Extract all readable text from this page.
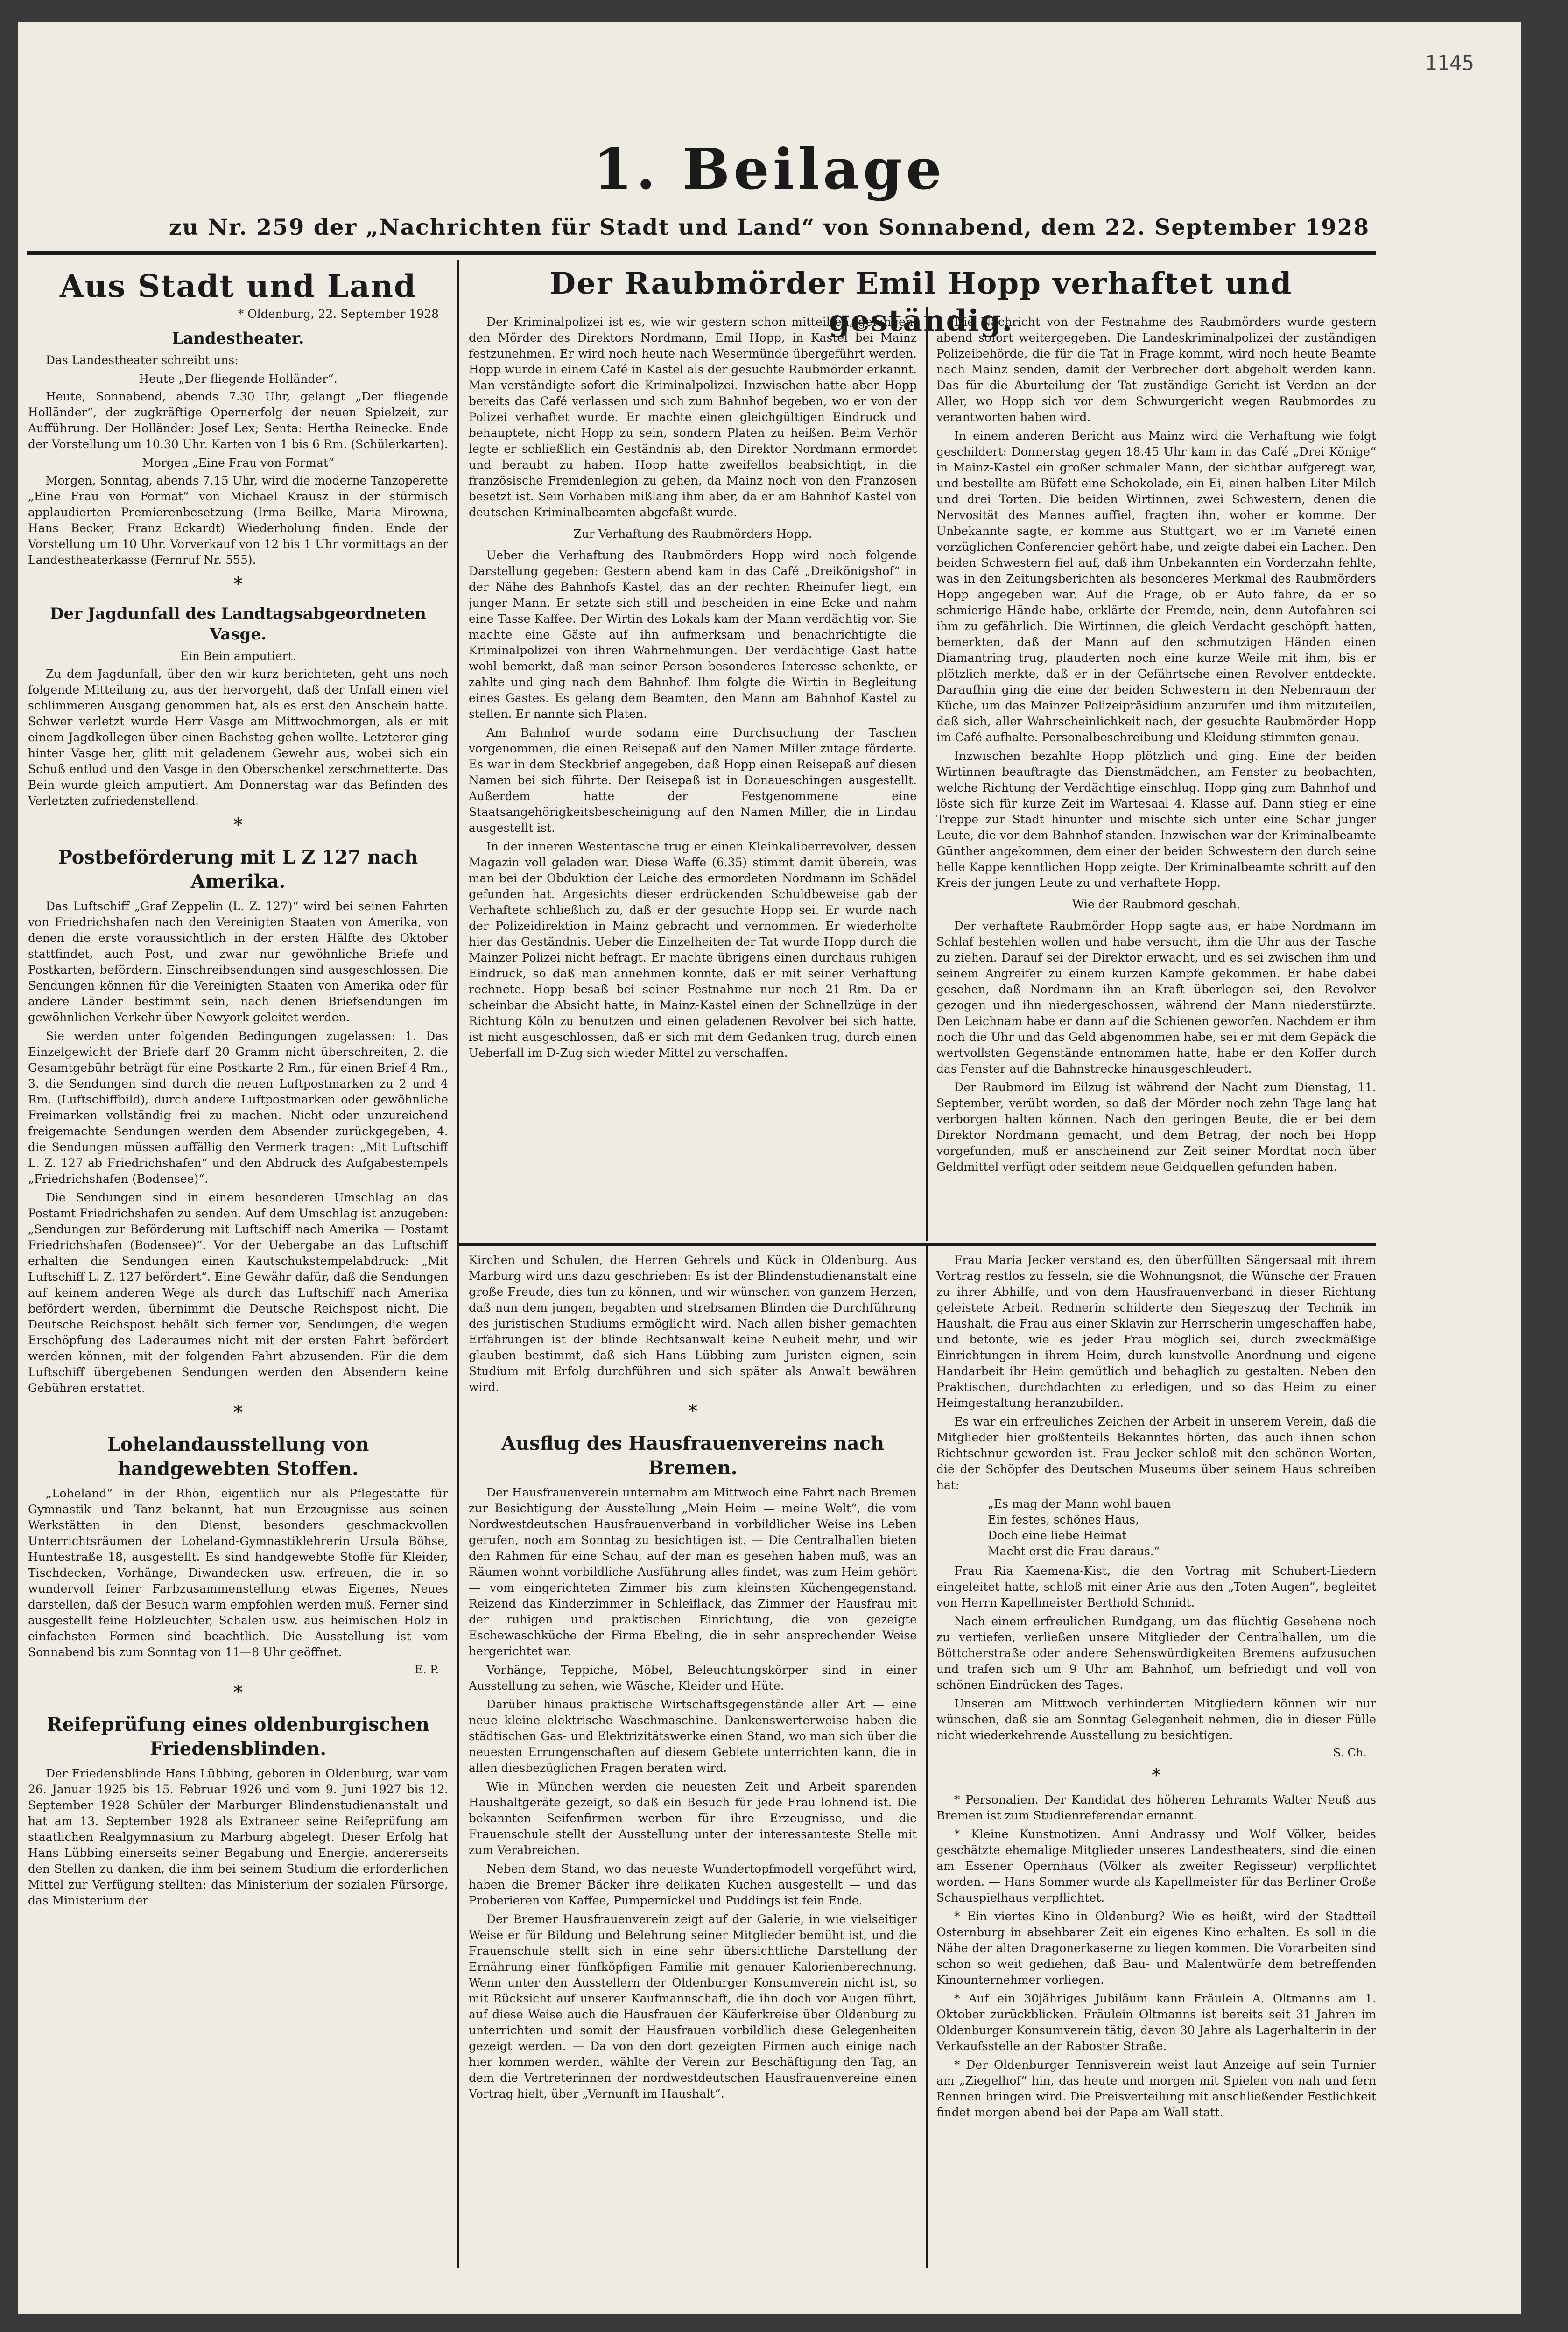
1145
1. Beilage
zu Nr. 259 der „Nachrichten für Stadt und Land“ von Sonnabend, dem 22. September 1928
Aus Stadt und Land
* Oldenburg, 22. September 1928
Landestheater.

Das Landestheater schreibt uns:

Heute „Der fliegende Holländer“.

Heute, Sonnabend, abends 7.30 Uhr, gelangt „Der fliegende Holländer“, der zugkräftige Opernerfolg der neuen Spielzeit, zur Aufführung. Der Holländer: Josef Lex; Senta: Hertha Reinecke. Ende der Vorstellung um 10.30 Uhr. Karten von 1 bis 6 Rm. (Schülerkarten).

Morgen „Eine Frau von Format“

Morgen, Sonntag, abends 7.15 Uhr, wird die moderne Tanzoperette „Eine Frau von Format“ von Michael Krausz in der stürmisch applaudierten Premierenbesetzung (Irma Beilke, Maria Mirowna, Hans Becker, Franz Eckardt) Wiederholung finden. Ende der Vorstellung um 10 Uhr. Vorverkauf von 12 bis 1 Uhr vormittags an der Landestheaterkasse (Fernruf Nr. 555).

*
Der Jagdunfall des Landtagsabgeordneten Vasge.

Ein Bein amputiert.

Zu dem Jagdunfall, über den wir kurz berichteten, geht uns noch folgende Mitteilung zu, aus der hervorgeht, daß der Unfall einen viel schlimmeren Ausgang genommen hat, als es erst den Anschein hatte. Schwer verletzt wurde Herr Vasge am Mittwochmorgen, als er mit einem Jagdkollegen über einen Bachsteg gehen wollte. Letzterer ging hinter Vasge her, glitt mit geladenem Gewehr aus, wobei sich ein Schuß entlud und den Vasge in den Oberschenkel zerschmetterte. Das Bein wurde gleich amputiert. Am Donnerstag war das Befinden des Verletzten zufriedenstellend.

*
Postbeförderung mit L Z 127 nach Amerika.

Das Luftschiff „Graf Zeppelin (L. Z. 127)“ wird bei seinen Fahrten von Friedrichshafen nach den Vereinigten Staaten von Amerika, von denen die erste voraussichtlich in der ersten Hälfte des Oktober stattfindet, auch Post, und zwar nur gewöhnliche Briefe und Postkarten, befördern. Einschreibsendungen sind ausgeschlossen. Die Sendungen können für die Vereinigten Staaten von Amerika oder für andere Länder bestimmt sein, nach denen Briefsendungen im gewöhnlichen Verkehr über Newyork geleitet werden.

Sie werden unter folgenden Bedingungen zugelassen: 1. Das Einzelgewicht der Briefe darf 20 Gramm nicht überschreiten, 2. die Gesamtgebühr beträgt für eine Postkarte 2 Rm., für einen Brief 4 Rm., 3. die Sendungen sind durch die neuen Luftpostmarken zu 2 und 4 Rm. (Luftschiffbild), durch andere Luftpostmarken oder gewöhnliche Freimarken vollständig frei zu machen. Nicht oder unzureichend freigemachte Sendungen werden dem Absender zurückgegeben, 4. die Sendungen müssen auffällig den Vermerk tragen: „Mit Luftschiff L. Z. 127 ab Friedrichshafen“ und den Abdruck des Aufgabestempels „Friedrichshafen (Bodensee)“.

Die Sendungen sind in einem besonderen Umschlag an das Postamt Friedrichshafen zu senden. Auf dem Umschlag ist anzugeben: „Sendungen zur Beförderung mit Luftschiff nach Amerika — Postamt Friedrichshafen (Bodensee)“. Vor der Uebergabe an das Luftschiff erhalten die Sendungen einen Kautschukstempelabdruck: „Mit Luftschiff L. Z. 127 befördert“. Eine Gewähr dafür, daß die Sendungen auf keinem anderen Wege als durch das Luftschiff nach Amerika befördert werden, übernimmt die Deutsche Reichspost nicht. Die Deutsche Reichspost behält sich ferner vor, Sendungen, die wegen Erschöpfung des Laderaumes nicht mit der ersten Fahrt befördert werden können, mit der folgenden Fahrt abzusenden. Für die dem Luftschiff übergebenen Sendungen werden den Absendern keine Gebühren erstattet.

*
Lohelandausstellung von handgewebten Stoffen.

„Loheland“ in der Rhön, eigentlich nur als Pflegestätte für Gymnastik und Tanz bekannt, hat nun Erzeugnisse aus seinen Werkstätten in den Dienst, besonders geschmackvollen Unterrichtsräumen der Loheland-Gymnastiklehrerin Ursula Böhse, Huntestraße 18, ausgestellt. Es sind handgewebte Stoffe für Kleider, Tischdecken, Vorhänge, Diwandecken usw. erfreuen, die in so wundervoll feiner Farbzusammenstellung etwas Eigenes, Neues darstellen, daß der Besuch warm empfohlen werden muß. Ferner sind ausgestellt feine Holzleuchter, Schalen usw. aus heimischen Holz in einfachsten Formen sind beachtlich. Die Ausstellung ist vom Sonnabend bis zum Sonntag von 11—8 Uhr geöffnet.

E. P.
*
Reifeprüfung eines oldenburgischen Friedensblinden.

Der Friedensblinde Hans Lübbing, geboren in Oldenburg, war vom 26. Januar 1925 bis 15. Februar 1926 und vom 9. Juni 1927 bis 12. September 1928 Schüler der Marburger Blindenstudienanstalt und hat am 13. September 1928 als Extraneer seine Reifeprüfung am staatlichen Realgymnasium zu Marburg abgelegt. Dieser Erfolg hat Hans Lübbing einerseits seiner Begabung und Energie, andererseits den Stellen zu danken, die ihm bei seinem Studium die erforderlichen Mittel zur Verfügung stellten: das Ministerium der sozialen Fürsorge, das Ministerium der

Der Raubmörder Emil Hopp verhaftet und geständig.

Der Kriminalpolizei ist es, wie wir gestern schon mitteilten, gelungen, den Mörder des Direktors Nordmann, Emil Hopp, in Kastel bei Mainz festzunehmen. Er wird noch heute nach Wesermünde übergeführt werden. Hopp wurde in einem Café in Kastel als der gesuchte Raubmörder erkannt. Man verständigte sofort die Kriminalpolizei. Inzwischen hatte aber Hopp bereits das Café verlassen und sich zum Bahnhof begeben, wo er von der Polizei verhaftet wurde. Er machte einen gleichgültigen Eindruck und behauptete, nicht Hopp zu sein, sondern Platen zu heißen. Beim Verhör legte er schließlich ein Geständnis ab, den Direktor Nordmann ermordet und beraubt zu haben. Hopp hatte zweifellos beabsichtigt, in die französische Fremdenlegion zu gehen, da Mainz noch von den Franzosen besetzt ist. Sein Vorhaben mißlang ihm aber, da er am Bahnhof Kastel von deutschen Kriminalbeamten abgefaßt wurde.

Zur Verhaftung des Raubmörders Hopp.

Ueber die Verhaftung des Raubmörders Hopp wird noch folgende Darstellung gegeben: Gestern abend kam in das Café „Dreikönigshof“ in der Nähe des Bahnhofs Kastel, das an der rechten Rheinufer liegt, ein junger Mann. Er setzte sich still und bescheiden in eine Ecke und nahm eine Tasse Kaffee. Der Wirtin des Lokals kam der Mann verdächtig vor. Sie machte eine Gäste auf ihn aufmerksam und benachrichtigte die Kriminalpolizei von ihren Wahrnehmungen. Der verdächtige Gast hatte wohl bemerkt, daß man seiner Person besonderes Interesse schenkte, er zahlte und ging nach dem Bahnhof. Ihm folgte die Wirtin in Begleitung eines Gastes. Es gelang dem Beamten, den Mann am Bahnhof Kastel zu stellen. Er nannte sich Platen.

Am Bahnhof wurde sodann eine Durchsuchung der Taschen vorgenommen, die einen Reisepaß auf den Namen Miller zutage förderte. Es war in dem Steckbrief angegeben, daß Hopp einen Reisepaß auf diesen Namen bei sich führte. Der Reisepaß ist in Donaueschingen ausgestellt. Außerdem hatte der Festgenommene eine Staatsangehörigkeitsbescheinigung auf den Namen Miller, die in Lindau ausgestellt ist.

In der inneren Westentasche trug er einen Kleinkaliberrevolver, dessen Magazin voll geladen war. Diese Waffe (6.35) stimmt damit überein, was man bei der Obduktion der Leiche des ermordeten Nordmann im Schädel gefunden hat. Angesichts dieser erdrückenden Schuldbeweise gab der Verhaftete schließlich zu, daß er der gesuchte Hopp sei. Er wurde nach der Polizeidirektion in Mainz gebracht und vernommen. Er wiederholte hier das Geständnis. Ueber die Einzelheiten der Tat wurde Hopp durch die Mainzer Polizei nicht befragt. Er machte übrigens einen durchaus ruhigen Eindruck, so daß man annehmen konnte, daß er mit seiner Verhaftung rechnete. Hopp besaß bei seiner Festnahme nur noch 21 Rm. Da er scheinbar die Absicht hatte, in Mainz-Kastel einen der Schnellzüge in der Richtung Köln zu benutzen und einen geladenen Revolver bei sich hatte, ist nicht ausgeschlossen, daß er sich mit dem Gedanken trug, durch einen Ueberfall im D-Zug sich wieder Mittel zu verschaffen.

Die Nachricht von der Festnahme des Raubmörders wurde gestern abend sofort weitergegeben. Die Landeskriminalpolizei der zuständigen Polizeibehörde, die für die Tat in Frage kommt, wird noch heute Beamte nach Mainz senden, damit der Verbrecher dort abgeholt werden kann. Das für die Aburteilung der Tat zuständige Gericht ist Verden an der Aller, wo Hopp sich vor dem Schwurgericht wegen Raubmordes zu verantworten haben wird.

In einem anderen Bericht aus Mainz wird die Verhaftung wie folgt geschildert: Donnerstag gegen 18.45 Uhr kam in das Café „Drei Könige“ in Mainz-Kastel ein großer schmaler Mann, der sichtbar aufgeregt war, und bestellte am Büfett eine Schokolade, ein Ei, einen halben Liter Milch und drei Torten. Die beiden Wirtinnen, zwei Schwestern, denen die Nervosität des Mannes auffiel, fragten ihn, woher er komme. Der Unbekannte sagte, er komme aus Stuttgart, wo er im Varieté einen vorzüglichen Conferencier gehört habe, und zeigte dabei ein Lachen. Den beiden Schwestern fiel auf, daß ihm Unbekannten ein Vorderzahn fehlte, was in den Zeitungsberichten als besonderes Merkmal des Raubmörders Hopp angegeben war. Auf die Frage, ob er Auto fahre, da er so schmierige Hände habe, erklärte der Fremde, nein, denn Autofahren sei ihm zu gefährlich. Die Wirtinnen, die gleich Verdacht geschöpft hatten, bemerkten, daß der Mann auf den schmutzigen Händen einen Diamantring trug, plauderten noch eine kurze Weile mit ihm, bis er plötzlich merkte, daß er in der Gefährtsche einen Revolver entdeckte. Daraufhin ging die eine der beiden Schwestern in den Nebenraum der Küche, um das Mainzer Polizeipräsidium anzurufen und ihm mitzuteilen, daß sich, aller Wahrscheinlichkeit nach, der gesuchte Raubmörder Hopp im Café aufhalte. Personalbeschreibung und Kleidung stimmten genau.

Inzwischen bezahlte Hopp plötzlich und ging. Eine der beiden Wirtinnen beauftragte das Dienstmädchen, am Fenster zu beobachten, welche Richtung der Verdächtige einschlug. Hopp ging zum Bahnhof und löste sich für kurze Zeit im Wartesaal 4. Klasse auf. Dann stieg er eine Treppe zur Stadt hinunter und mischte sich unter eine Schar junger Leute, die vor dem Bahnhof standen. Inzwischen war der Kriminalbeamte Günther angekommen, dem einer der beiden Schwestern den durch seine helle Kappe kenntlichen Hopp zeigte. Der Kriminalbeamte schritt auf den Kreis der jungen Leute zu und verhaftete Hopp.

Wie der Raubmord geschah.

Der verhaftete Raubmörder Hopp sagte aus, er habe Nordmann im Schlaf bestehlen wollen und habe versucht, ihm die Uhr aus der Tasche zu ziehen. Darauf sei der Direktor erwacht, und es sei zwischen ihm und seinem Angreifer zu einem kurzen Kampfe gekommen. Er habe dabei gesehen, daß Nordmann ihn an Kraft überlegen sei, den Revolver gezogen und ihn niedergeschossen, während der Mann niederstürzte. Den Leichnam habe er dann auf die Schienen geworfen. Nachdem er ihm noch die Uhr und das Geld abgenommen habe, sei er mit dem Gepäck die wertvollsten Gegenstände entnommen hatte, habe er den Koffer durch das Fenster auf die Bahnstrecke hinausgeschleudert.

Der Raubmord im Eilzug ist während der Nacht zum Dienstag, 11. September, verübt worden, so daß der Mörder noch zehn Tage lang hat verborgen halten können. Nach den geringen Beute, die er bei dem Direktor Nordmann gemacht, und dem Betrag, der noch bei Hopp vorgefunden, muß er anscheinend zur Zeit seiner Mordtat noch über Geldmittel verfügt oder seitdem neue Geldquellen gefunden haben.

Kirchen und Schulen, die Herren Gehrels und Kück in Oldenburg. Aus Marburg wird uns dazu geschrieben: Es ist der Blindenstudienanstalt eine große Freude, dies tun zu können, und wir wünschen von ganzem Herzen, daß nun dem jungen, begabten und strebsamen Blinden die Durchführung des juristischen Studiums ermöglicht wird. Nach allen bisher gemachten Erfahrungen ist der blinde Rechtsanwalt keine Neuheit mehr, und wir glauben bestimmt, daß sich Hans Lübbing zum Juristen eignen, sein Studium mit Erfolg durchführen und sich später als Anwalt bewähren wird.

*
Ausflug des Hausfrauenvereins nach Bremen.

Der Hausfrauenverein unternahm am Mittwoch eine Fahrt nach Bremen zur Besichtigung der Ausstellung „Mein Heim — meine Welt“, die vom Nordwestdeutschen Hausfrauenverband in vorbildlicher Weise ins Leben gerufen, noch am Sonntag zu besichtigen ist. — Die Centralhallen bieten den Rahmen für eine Schau, auf der man es gesehen haben muß, was an Räumen wohnt vorbildliche Ausführung alles findet, was zum Heim gehört — vom eingerichteten Zimmer bis zum kleinsten Küchengegenstand. Reizend das Kinderzimmer in Schleiflack, das Zimmer der Hausfrau mit der ruhigen und praktischen Einrichtung, die von gezeigte Eschewaschküche der Firma Ebeling, die in sehr ansprechender Weise hergerichtet war.

Vorhänge, Teppiche, Möbel, Beleuchtungskörper sind in einer Ausstellung zu sehen, wie Wäsche, Kleider und Hüte.

Darüber hinaus praktische Wirtschaftsgegenstände aller Art — eine neue kleine elektrische Waschmaschine. Dankenswerterweise haben die städtischen Gas- und Elektrizitätswerke einen Stand, wo man sich über die neuesten Errungenschaften auf diesem Gebiete unterrichten kann, die in allen diesbezüglichen Fragen beraten wird.

Wie in München werden die neuesten Zeit und Arbeit sparenden Haushaltgeräte gezeigt, so daß ein Besuch für jede Frau lohnend ist. Die bekannten Seifenfirmen werben für ihre Erzeugnisse, und die Frauenschule stellt der Ausstellung unter der interessanteste Stelle mit zum Verabreichen.

Neben dem Stand, wo das neueste Wundertopfmodell vorgeführt wird, haben die Bremer Bäcker ihre delikaten Kuchen ausgestellt — und das Proberieren von Kaffee, Pumpernickel und Puddings ist fein Ende.

Der Bremer Hausfrauenverein zeigt auf der Galerie, in wie vielseitiger Weise er für Bildung und Belehrung seiner Mitglieder bemüht ist, und die Frauenschule stellt sich in eine sehr übersichtliche Darstellung der Ernährung einer fünfköpfigen Familie mit genauer Kalorienberechnung. Wenn unter den Ausstellern der Oldenburger Konsumverein nicht ist, so mit Rücksicht auf unserer Kaufmannschaft, die ihn doch vor Augen führt, auf diese Weise auch die Hausfrauen der Käuferkreise über Oldenburg zu unterrichten und somit der Hausfrauen vorbildlich diese Gelegenheiten gezeigt werden. — Da von den dort gezeigten Firmen auch einige nach hier kommen werden, wählte der Verein zur Beschäftigung den Tag, an dem die Vertreterinnen der nordwestdeutschen Hausfrauenvereine einen Vortrag hielt, über „Vernunft im Haushalt“.

Frau Maria Jecker verstand es, den überfüllten Sängersaal mit ihrem Vortrag restlos zu fesseln, sie die Wohnungsnot, die Wünsche der Frauen zu ihrer Abhilfe, und von dem Hausfrauenverband in dieser Richtung geleistete Arbeit. Rednerin schilderte den Siegeszug der Technik im Haushalt, die Frau aus einer Sklavin zur Herrscherin umgeschaffen habe, und betonte, wie es jeder Frau möglich sei, durch zweckmäßige Einrichtungen in ihrem Heim, durch kunstvolle Anordnung und eigene Handarbeit ihr Heim gemütlich und behaglich zu gestalten. Neben den Praktischen, durchdachten zu erledigen, und so das Heim zu einer Heimgestaltung heranzubilden.

Es war ein erfreuliches Zeichen der Arbeit in unserem Verein, daß die Mitglieder hier größtenteils Bekanntes hörten, das auch ihnen schon Richtschnur geworden ist. Frau Jecker schloß mit den schönen Worten, die der Schöpfer des Deutschen Museums über seinem Haus schreiben hat:

„Es mag der Mann wohl bauen
Ein festes, schönes Haus,
Doch eine liebe Heimat
Macht erst die Frau daraus.“

Frau Ria Kaemena-Kist, die den Vortrag mit Schubert-Liedern eingeleitet hatte, schloß mit einer Arie aus den „Toten Augen“, begleitet von Herrn Kapellmeister Berthold Schmidt.

Nach einem erfreulichen Rundgang, um das flüchtig Gesehene noch zu vertiefen, verließen unsere Mitglieder der Centralhallen, um die Böttcherstraße oder andere Sehenswürdigkeiten Bremens aufzusuchen und trafen sich um 9 Uhr am Bahnhof, um befriedigt und voll von schönen Eindrücken des Tages.

Unseren am Mittwoch verhinderten Mitgliedern können wir nur wünschen, daß sie am Sonntag Gelegenheit nehmen, die in dieser Fülle nicht wiederkehrende Ausstellung zu besichtigen.

S. Ch.
*

* Personalien. Der Kandidat des höheren Lehramts Walter Neuß aus Bremen ist zum Studienreferendar ernannt.

* Kleine Kunstnotizen. Anni Andrassy und Wolf Völker, beides geschätzte ehemalige Mitglieder unseres Landestheaters, sind die einen am Essener Opernhaus (Völker als zweiter Regisseur) verpflichtet worden. — Hans Sommer wurde als Kapellmeister für das Berliner Große Schauspielhaus verpflichtet.

* Ein viertes Kino in Oldenburg? Wie es heißt, wird der Stadtteil Osternburg in absehbarer Zeit ein eigenes Kino erhalten. Es soll in die Nähe der alten Dragonerkaserne zu liegen kommen. Die Vorarbeiten sind schon so weit gediehen, daß Bau- und Malentwürfe dem betreffenden Kinounternehmer vorliegen.

* Auf ein 30jähriges Jubiläum kann Fräulein A. Oltmanns am 1. Oktober zurückblicken. Fräulein Oltmanns ist bereits seit 31 Jahren im Oldenburger Konsumverein tätig, davon 30 Jahre als Lagerhalterin in der Verkaufsstelle an der Raboster Straße.

* Der Oldenburger Tennisverein weist laut Anzeige auf sein Turnier am „Ziegelhof“ hin, das heute und morgen mit Spielen von nah und fern Rennen bringen wird. Die Preisverteilung mit anschließender Festlichkeit findet morgen abend bei der Pape am Wall statt.
